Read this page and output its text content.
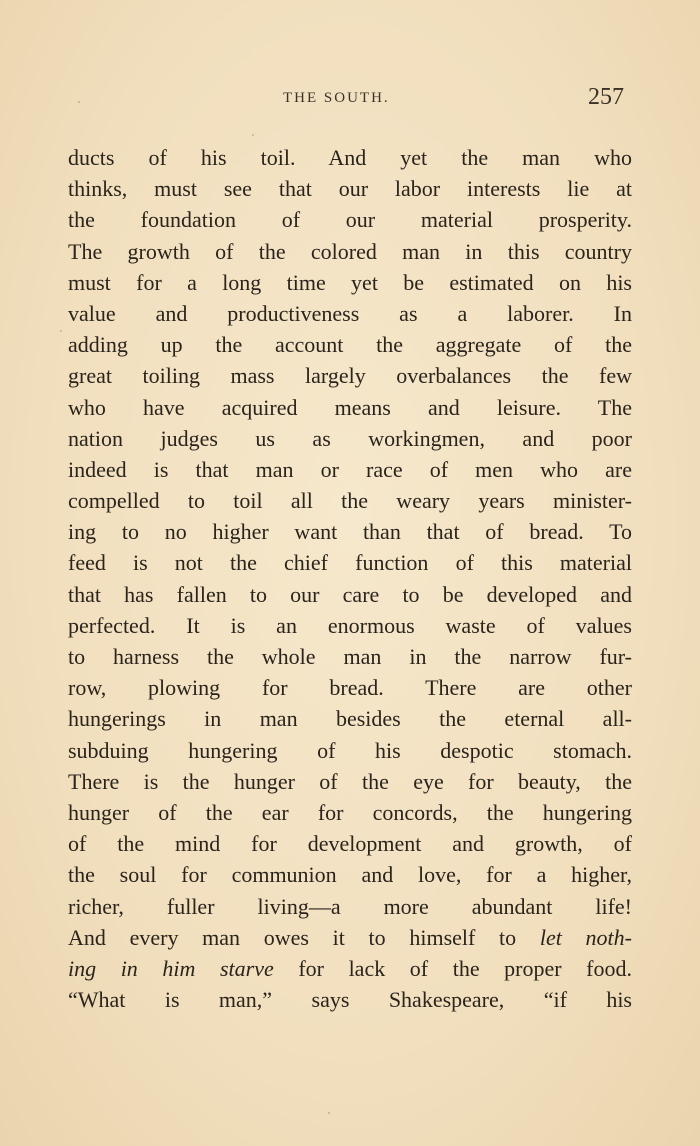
THE SOUTH.	257
ducts of his toil. And yet the man who
thinks, must see that our labor interests lie at
the foundation of our material prosperity.
The growth of the colored man in this country
must for a long time yet be estimated on his
value and productiveness as a laborer. In
adding up the account the aggregate of the
great toiling mass largely overbalances the few
who have acquired means and leisure. The
nation judges us as workingmen, and poor
indeed is that man or race of men who are
compelled to toil all the weary years minister-
ing to no higher want than that of bread. To
feed is not the chief function of this material
that has fallen to our care to be developed and
perfected. It is an enormous waste of values
to harness the whole man in the narrow fur-
row, plowing for bread. There are other
hungerings in man besides the eternal all-
subduing hungering of his despotic stomach.
There is the hunger of the eye for beauty, the
hunger of the ear for concords, the hungering
of the mind for development and growth, of
the soul for communion and love, for a higher,
richer, fuller living—a more abundant life!
And every man owes it to himself to let noth-
ing in him starve for lack of the proper food.
“What is man,” says Shakespeare, “if his
